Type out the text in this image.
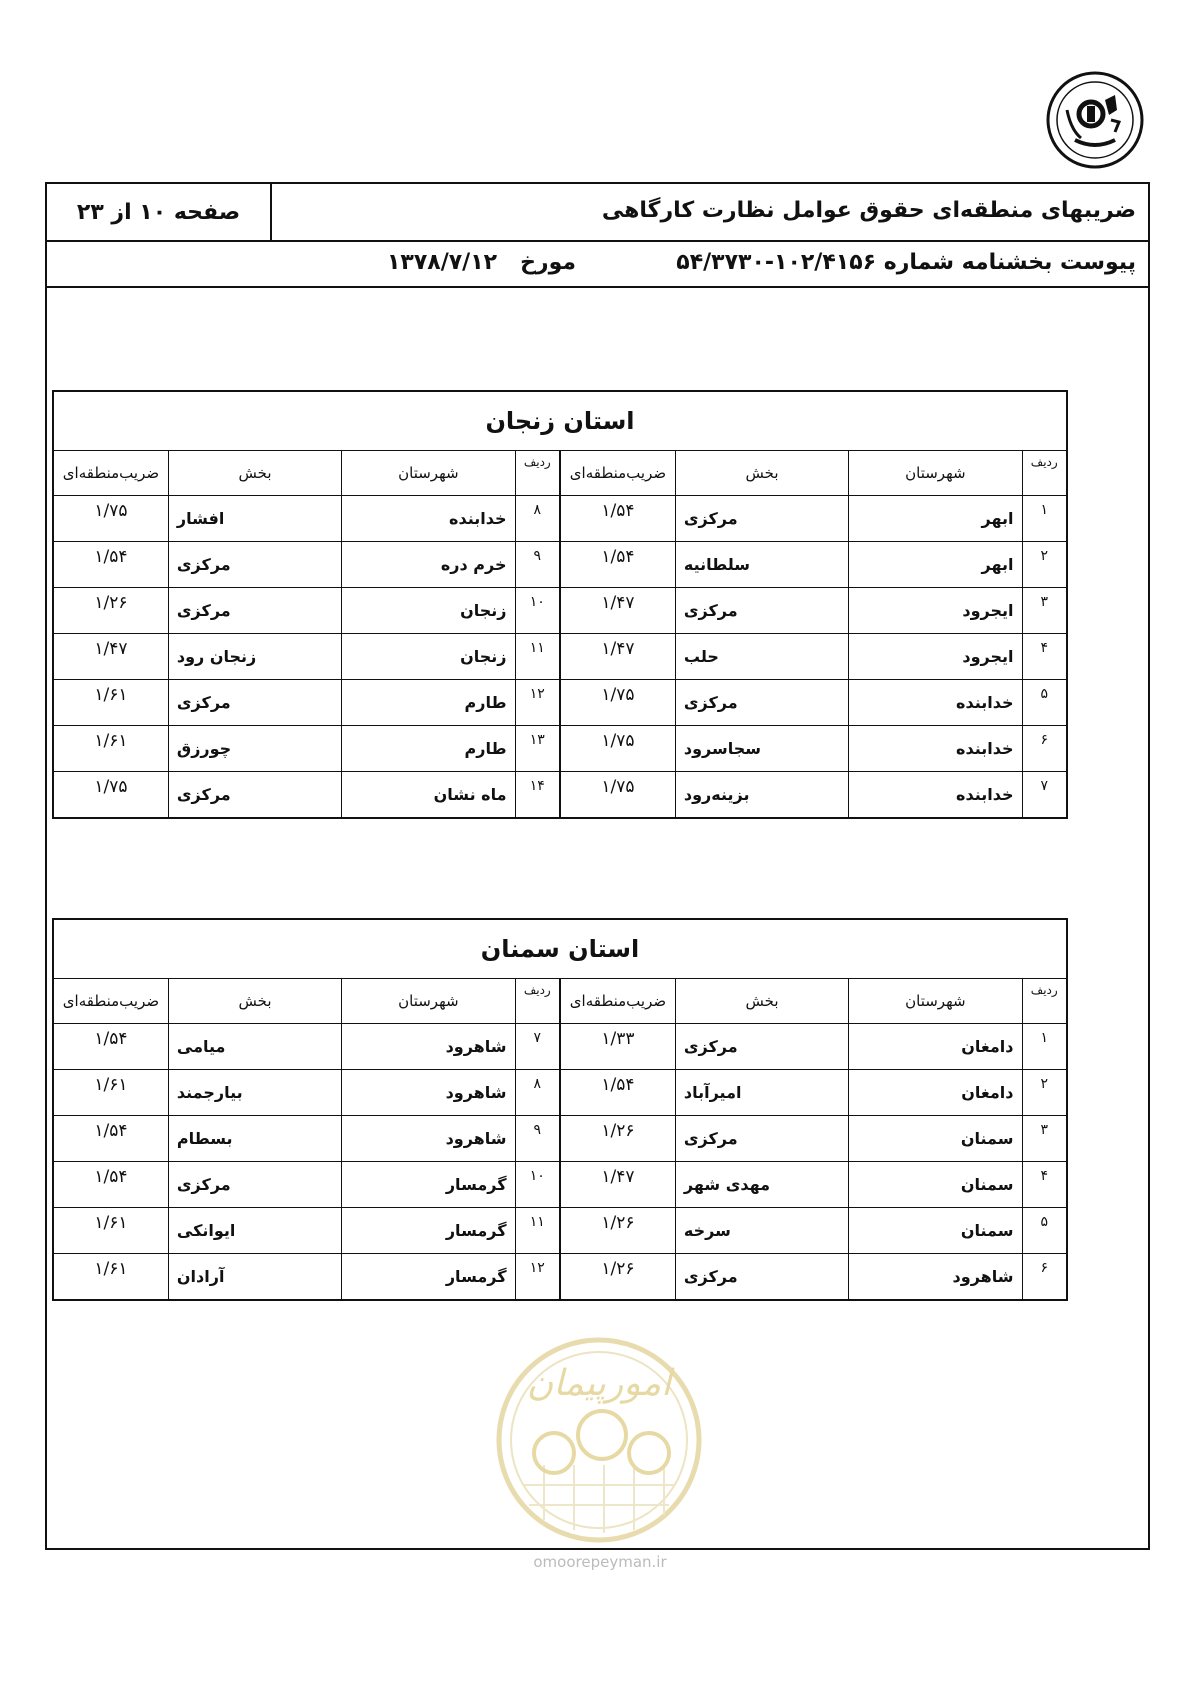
ضریبهای منطقه‌ای حقوق عوامل نظارت کارگاهی
صفحه ۱۰ از ۲۳
پیوست بخشنامه شماره ۱۰۲/۴۱۵۶-۵۴/۳۷۳۰
مورخ   ۱۳۷۸/۷/۱۲
استان زنجان							
ردیف	شهرستان	بخش	ضریب‌منطقه‌ای	ردیف	شهرستان	بخش	ضریب‌منطقه‌ای
۱	ابهر	مرکزی	۱/۵۴	۸	خدابنده	افشار	۱/۷۵
۲	ابهر	سلطانیه	۱/۵۴	۹	خرم دره	مرکزی	۱/۵۴
۳	ایجرود	مرکزی	۱/۴۷	۱۰	زنجان	مرکزی	۱/۲۶
۴	ایجرود	حلب	۱/۴۷	۱۱	زنجان	زنجان رود	۱/۴۷
۵	خدابنده	مرکزی	۱/۷۵	۱۲	طارم	مرکزی	۱/۶۱
۶	خدابنده	سجاسرود	۱/۷۵	۱۳	طارم	چورزق	۱/۶۱
۷	خدابنده	بزینه‌رود	۱/۷۵	۱۴	ماه نشان	مرکزی	۱/۷۵
استان سمنان							
ردیف	شهرستان	بخش	ضریب‌منطقه‌ای	ردیف	شهرستان	بخش	ضریب‌منطقه‌ای
۱	دامغان	مرکزی	۱/۳۳	۷	شاهرود	میامی	۱/۵۴
۲	دامغان	امیرآباد	۱/۵۴	۸	شاهرود	بیارجمند	۱/۶۱
۳	سمنان	مرکزی	۱/۲۶	۹	شاهرود	بسطام	۱/۵۴
۴	سمنان	مهدی شهر	۱/۴۷	۱۰	گرمسار	مرکزی	۱/۵۴
۵	سمنان	سرخه	۱/۲۶	۱۱	گرمسار	ایوانکی	۱/۶۱
۶	شاهرود	مرکزی	۱/۲۶	۱۲	گرمسار	آرادان	۱/۶۱
امورپیمان
omoorepeyman.ir
